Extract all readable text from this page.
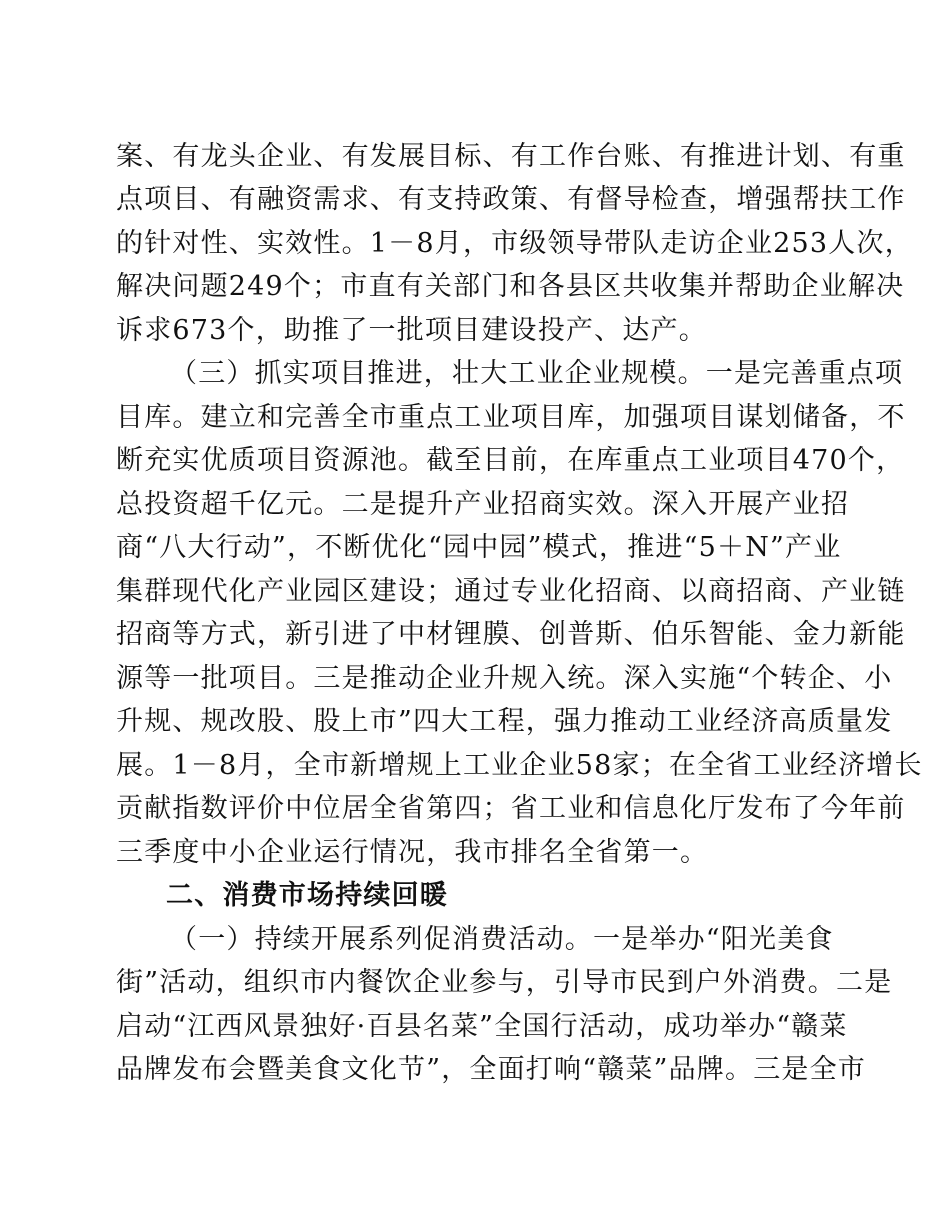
案、有龙头企业、有发展目标、有工作台账、有推进计划、有重
点项目、有融资需求、有支持政策、有督导检查，增强帮扶工作
的针对性、实效性。1－8月，市级领导带队走访企业253人次，
解决问题249个；市直有关部门和各县区共收集并帮助企业解决
诉求673个，助推了一批项目建设投产、达产。
（三）抓实项目推进，壮大工业企业规模。一是完善重点项
目库。建立和完善全市重点工业项目库，加强项目谋划储备，不
断充实优质项目资源池。截至目前，在库重点工业项目470个，
总投资超千亿元。二是提升产业招商实效。深入开展产业招
商“八大行动”，不断优化“园中园”模式，推进“5＋N”产业
集群现代化产业园区建设；通过专业化招商、以商招商、产业链
招商等方式，新引进了中材锂膜、创普斯、伯乐智能、金力新能
源等一批项目。三是推动企业升规入统。深入实施“个转企、小
升规、规改股、股上市”四大工程，强力推动工业经济高质量发
展。1－8月，全市新增规上工业企业58家；在全省工业经济增长
贡献指数评价中位居全省第四；省工业和信息化厅发布了今年前
三季度中小企业运行情况，我市排名全省第一。
二、消费市场持续回暖
（一）持续开展系列促消费活动。一是举办“阳光美食
街”活动，组织市内餐饮企业参与，引导市民到户外消费。二是
启动“江西风景独好·百县名菜”全国行活动，成功举办“赣菜
品牌发布会暨美食文化节”，全面打响“赣菜”品牌。三是全市
